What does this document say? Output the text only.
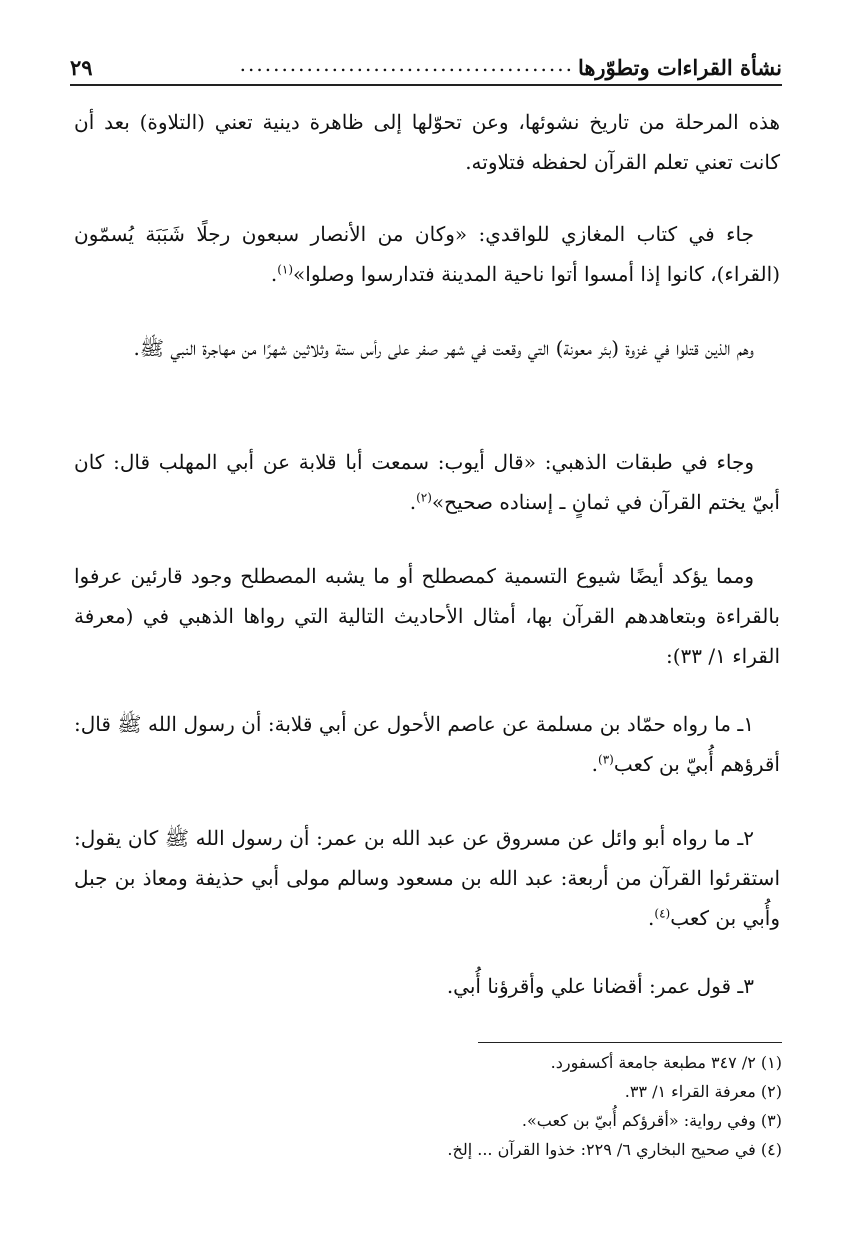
نشأة القراءات وتطوّرها
........................................
٢٩

هذه المرحلة من تاريخ نشوئها، وعن تحوّلها إلى ظاهرة دينية تعني (التلاوة) بعد أن كانت تعني تعلم القرآن لحفظه فتلاوته.

جاء في كتاب المغازي للواقدي: «وكان من الأنصار سبعون رجلًا شَبَبَة يُسمّون (القراء)، كانوا إذا أمسوا أتوا ناحية المدينة فتدارسوا وصلوا»$^{(١)}$.

وهم الذين قتلوا في غزوة (بئر معونة) التي وقعت في شهر صفر على رأس ستة وثلاثين شهرًا من مهاجرة النبي ﷺ.

وجاء في طبقات الذهبي: «قال أيوب: سمعت أبا قلابة عن أبي المهلب قال: كان أبيّ يختم القرآن في ثمانٍ ـ إسناده صحيح»$^{(٢)}$.

ومما يؤكد أيضًا شيوع التسمية كمصطلح أو ما يشبه المصطلح وجود قارئين عرفوا بالقراءة وبتعاهدهم القرآن بها، أمثال الأحاديث التالية التي رواها الذهبي في (معرفة القراء ١/ ٣٣):

١ـ ما رواه حمّاد بن مسلمة عن عاصم الأحول عن أبي قلابة: أن رسول الله ﷺ قال: أقرؤهم أُبيّ بن كعب$^{(٣)}$.

٢ـ ما رواه أبو وائل عن مسروق عن عبد الله بن عمر: أن رسول الله ﷺ كان يقول: استقرئوا القرآن من أربعة: عبد الله بن مسعود وسالم مولى أبي حذيفة ومعاذ بن جبل وأُبي بن كعب$^{(٤)}$.

٣ـ قول عمر: أقضانا علي وأقرؤنا أُبي.

(١) ٢/ ٣٤٧ مطبعة جامعة أكسفورد.

(٢) معرفة القراء ١/ ٣٣.

(٣) وفي رواية: «أقرؤكم أُبيّ بن كعب».

(٤) في صحيح البخاري ٦/ ٢٢٩: خذوا القرآن ... إلخ.
